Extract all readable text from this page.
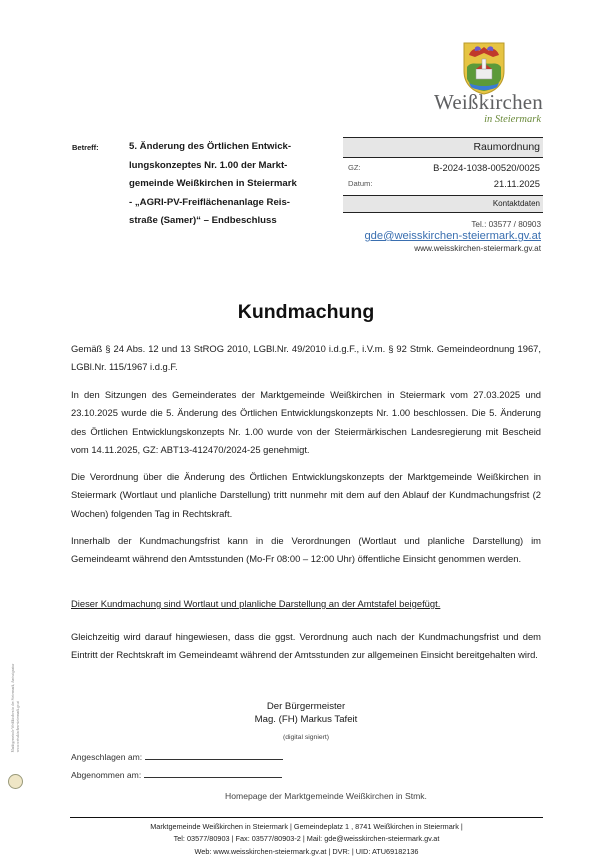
Weißkirchen
in Steiermark
Betreff:	5. Änderung des Örtlichen Entwick-
lungskonzeptes Nr. 1.00 der Markt-
gemeinde Weißkirchen in Steiermark
- „AGRI-PV-Freiflächenanlage Reis-
straße (Samer)“ – Endbeschluss
Raumordnung
GZ:	B-2024-1038-00520/0025
Datum:	21.11.2025
Kontaktdaten
Tel.: 03577 / 80903
gde@weisskirchen-steiermark.gv.at
www.weisskirchen-steiermark.gv.at
Kundmachung
Gemäß § 24 Abs. 12 und 13 StROG 2010, LGBl.Nr. 49/2010 i.d.g.F., i.V.m. § 92 Stmk. Gemeindeordnung 1967, LGBl.Nr. 115/1967 i.d.g.F.
In den Sitzungen des Gemeinderates der Marktgemeinde Weißkirchen in Steiermark vom 27.03.2025 und 23.10.2025 wurde die 5. Änderung des Örtlichen Entwicklungskonzepts Nr. 1.00 beschlossen. Die 5. Änderung des Örtlichen Entwicklungskonzepts Nr. 1.00 wurde von der Steiermärkischen Landesregierung mit Bescheid vom 14.11.2025, GZ: ABT13-412470/2024-25 genehmigt.
Die Verordnung über die Änderung des Örtlichen Entwicklungskonzepts der Marktgemeinde Weißkirchen in Steiermark (Wortlaut und planliche Darstellung) tritt nunmehr mit dem auf den Ablauf der Kundmachungsfrist (2 Wochen) folgenden Tag in Rechtskraft.
Innerhalb der Kundmachungsfrist kann in die Verordnungen (Wortlaut und planliche Darstellung) im Gemeindeamt während den Amtsstunden (Mo-Fr 08:00 – 12:00 Uhr) öffentliche Einsicht genommen werden.
Dieser Kundmachung sind Wortlaut und planliche Darstellung an der Amtstafel beigefügt.
Gleichzeitig wird darauf hingewiesen, dass die ggst. Verordnung auch nach der Kundmachungsfrist und dem Eintritt der Rechtskraft im Gemeindeamt während der Amtsstunden zur allgemeinen Einsicht bereitgehalten wird.
Der Bürgermeister
Mag. (FH) Markus Tafeit
(digital signiert)
Angeschlagen am:
Abgenommen am:
Homepage der Marktgemeinde Weißkirchen in Stmk.
Marktgemeinde Weißkirchen in Steiermark | Gemeindeplatz 1 , 8741 Weißkirchen in Steiermark |
Tel: 03577/80903 | Fax: 03577/80903-2 | Mail: gde@weisskirchen-steiermark.gv.at
Web: www.weisskirchen-steiermark.gv.at | DVR: | UID: ATU69182136
Marktgemeinde Weißkirchen in der Steiermark, Amtssignatur www.weisskirchen-steiermark.gv.at
